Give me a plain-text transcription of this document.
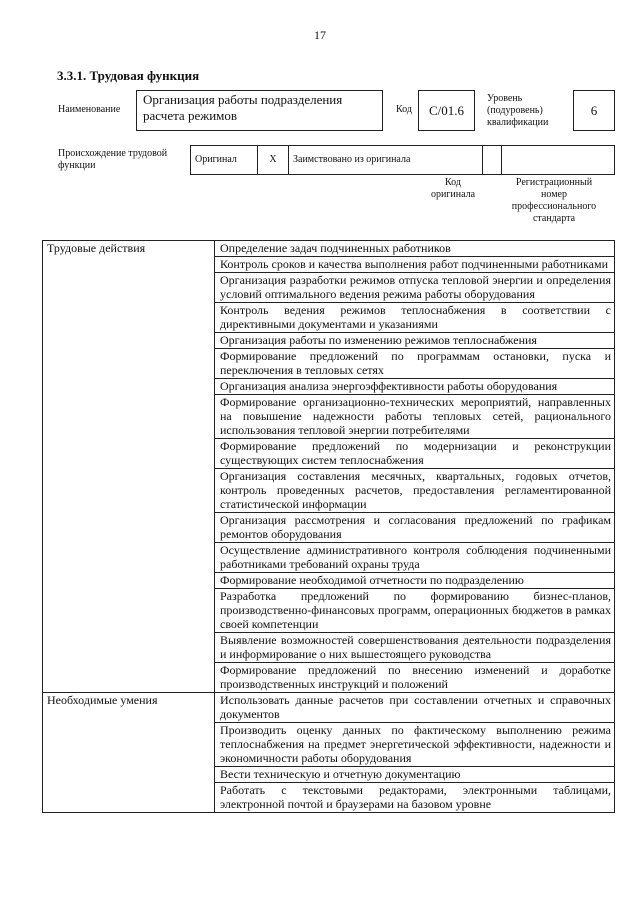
17
3.3.1. Трудовая функция
Наименование
Организация работы подразделения расчета режимов	Код	C/01.6
Уровень (подуровень) квалификации
6
Происхождение трудовой функции
Оригинал	X	Заимствовано из оригинала		
Код оригинала
Регистрационный номер профессионального стандарта
Трудовые действия	Определение задач подчиненных работников
	Контроль сроков и качества выполнения работ подчиненными работниками
	Организация разработки режимов отпуска тепловой энергии и определения условий оптимального ведения режима работы оборудования
	Контроль ведения режимов теплоснабжения в соответствии с директивными документами и указаниями
	Организация работы по изменению режимов теплоснабжения
	Формирование предложений по программам остановки, пуска и переключения в тепловых сетях
	Организация анализа энергоэффективности работы оборудования
	Формирование организационно-технических мероприятий, направленных на повышение надежности работы тепловых сетей, рационального использования тепловой энергии потребителями
	Формирование предложений по модернизации и реконструкции существующих систем теплоснабжения
	Организация составления месячных, квартальных, годовых отчетов, контроль проведенных расчетов, предоставления регламентированной статистической информации
	Организация рассмотрения и согласования предложений по графикам ремонтов оборудования
	Осуществление административного контроля соблюдения подчиненными работниками требований охраны труда
	Формирование необходимой отчетности по подразделению
	Разработка предложений по формированию бизнес-планов, производственно-финансовых программ, операционных бюджетов в рамках своей компетенции
	Выявление возможностей совершенствования деятельности подразделения и информирование о них вышестоящего руководства
	Формирование предложений по внесению изменений и доработке производственных инструкций и положений
Необходимые умения	Использовать данные расчетов при составлении отчетных и справочных документов
	Производить оценку данных по фактическому выполнению режима теплоснабжения на предмет энергетической эффективности, надежности и экономичности работы оборудования
	Вести техническую и отчетную документацию
	Работать с текстовыми редакторами, электронными таблицами, электронной почтой и браузерами на базовом уровне
